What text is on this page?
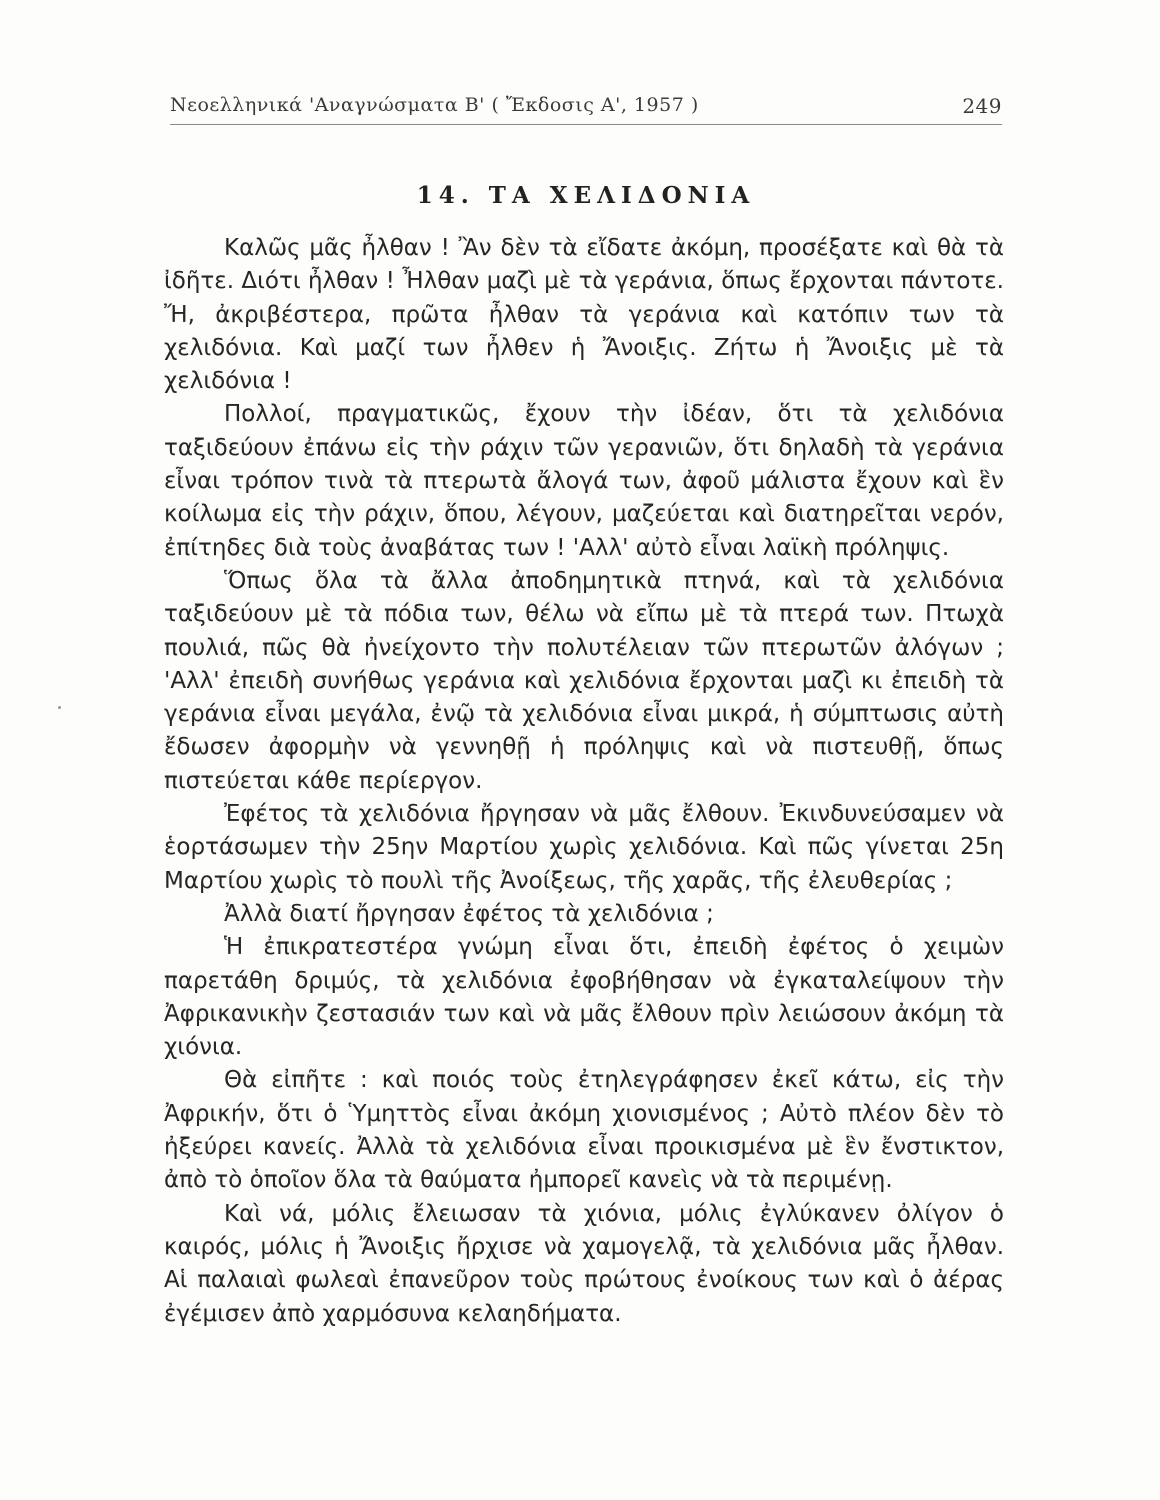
Νεοελληνικά 'Αναγνώσματα Β' ( Ἔκδοσις Α', 1957 )	249
14. ΤΑ ΧΕΛΙΔΟΝΙΑ

Καλῶς μᾶς ἦλθαν ! Ἂν δὲν τὰ εἴδατε ἀκόμη, προσέξατε καὶ θὰ τὰ ἰδῆτε. Διότι ἦλθαν ! Ἦλθαν μαζὶ μὲ τὰ γεράνια, ὅπως ἔρχονται πάντοτε. Ἤ, ἀκριβέστερα, πρῶτα ἦλθαν τὰ γεράνια καὶ κατόπιν των τὰ χελιδόνια. Καὶ μαζί των ἦλθεν ἡ Ἄνοιξις. Ζήτω ἡ Ἄνοιξις μὲ τὰ χελιδόνια !

Πολλοί, πραγματικῶς, ἔχουν τὴν ἰδέαν, ὅτι τὰ χελιδόνια ταξιδεύουν ἐπάνω εἰς τὴν ράχιν τῶν γερανιῶν, ὅτι δηλαδὴ τὰ γεράνια εἶναι τρόπον τινὰ τὰ πτερωτὰ ἄλογά των, ἀφοῦ μάλιστα ἔχουν καὶ ἓν κοίλωμα εἰς τὴν ράχιν, ὅπου, λέγουν, μαζεύεται καὶ διατηρεῖται νερόν, ἐπίτηδες διὰ τοὺς ἀναβάτας των ! 'Αλλ' αὐτὸ εἶναι λαϊκὴ πρόληψις.

Ὅπως ὅλα τὰ ἄλλα ἀποδημητικὰ πτηνά, καὶ τὰ χελιδόνια ταξιδεύουν μὲ τὰ πόδια των, θέλω νὰ εἴπω μὲ τὰ πτερά των. Πτωχὰ πουλιά, πῶς θὰ ἠνείχοντο τὴν πολυτέλειαν τῶν πτερωτῶν ἀλόγων ; 'Αλλ' ἐπειδὴ συνήθως γεράνια καὶ χελιδόνια ἔρχονται μαζὶ κι ἐπειδὴ τὰ γεράνια εἶναι μεγάλα, ἐνῷ τὰ χελιδόνια εἶναι μικρά, ἡ σύμπτωσις αὐτὴ ἔδωσεν ἀφορμὴν νὰ γεννηθῇ ἡ πρόληψις καὶ νὰ πιστευθῇ, ὅπως πιστεύεται κάθε περίεργον.

Ἐφέτος τὰ χελιδόνια ἤργησαν νὰ μᾶς ἔλθουν. Ἐκινδυνεύσαμεν νὰ ἑορτάσωμεν τὴν 25ην Μαρτίου χωρὶς χελιδόνια. Καὶ πῶς γίνεται 25η Μαρτίου χωρὶς τὸ πουλὶ τῆς Ἀνοίξεως, τῆς χαρᾶς, τῆς ἐλευθερίας ;

Ἀλλὰ διατί ἤργησαν ἐφέτος τὰ χελιδόνια ;

Ἡ ἐπικρατεστέρα γνώμη εἶναι ὅτι, ἐπειδὴ ἐφέτος ὁ χειμὼν παρετάθη δριμύς, τὰ χελιδόνια ἐφοβήθησαν νὰ ἐγκαταλείψουν τὴν Ἀφρικανικὴν ζεστασιάν των καὶ νὰ μᾶς ἔλθουν πρὶν λειώσουν ἀκόμη τὰ χιόνια.

Θὰ εἰπῆτε : καὶ ποιός τοὺς ἐτηλεγράφησεν ἐκεῖ κάτω, εἰς τὴν Ἀφρικήν, ὅτι ὁ Ὑμηττὸς εἶναι ἀκόμη χιονισμένος ; Αὐτὸ πλέον δὲν τὸ ἠξεύρει κανείς. Ἀλλὰ τὰ χελιδόνια εἶναι προικισμένα μὲ ἓν ἔνστικτον, ἀπὸ τὸ ὁποῖον ὅλα τὰ θαύματα ἠμπορεῖ κανεὶς νὰ τὰ περιμένῃ.

Καὶ νά, μόλις ἔλειωσαν τὰ χιόνια, μόλις ἐγλύκανεν ὀλίγον ὁ καιρός, μόλις ἡ Ἄνοιξις ἤρχισε νὰ χαμογελᾷ, τὰ χελιδόνια μᾶς ἦλθαν. Αἱ παλαιαὶ φωλεαὶ ἐπανεῦρον τοὺς πρώτους ἐνοίκους των καὶ ὁ ἀέρας ἐγέμισεν ἀπὸ χαρμόσυνα κελαηδήματα.
